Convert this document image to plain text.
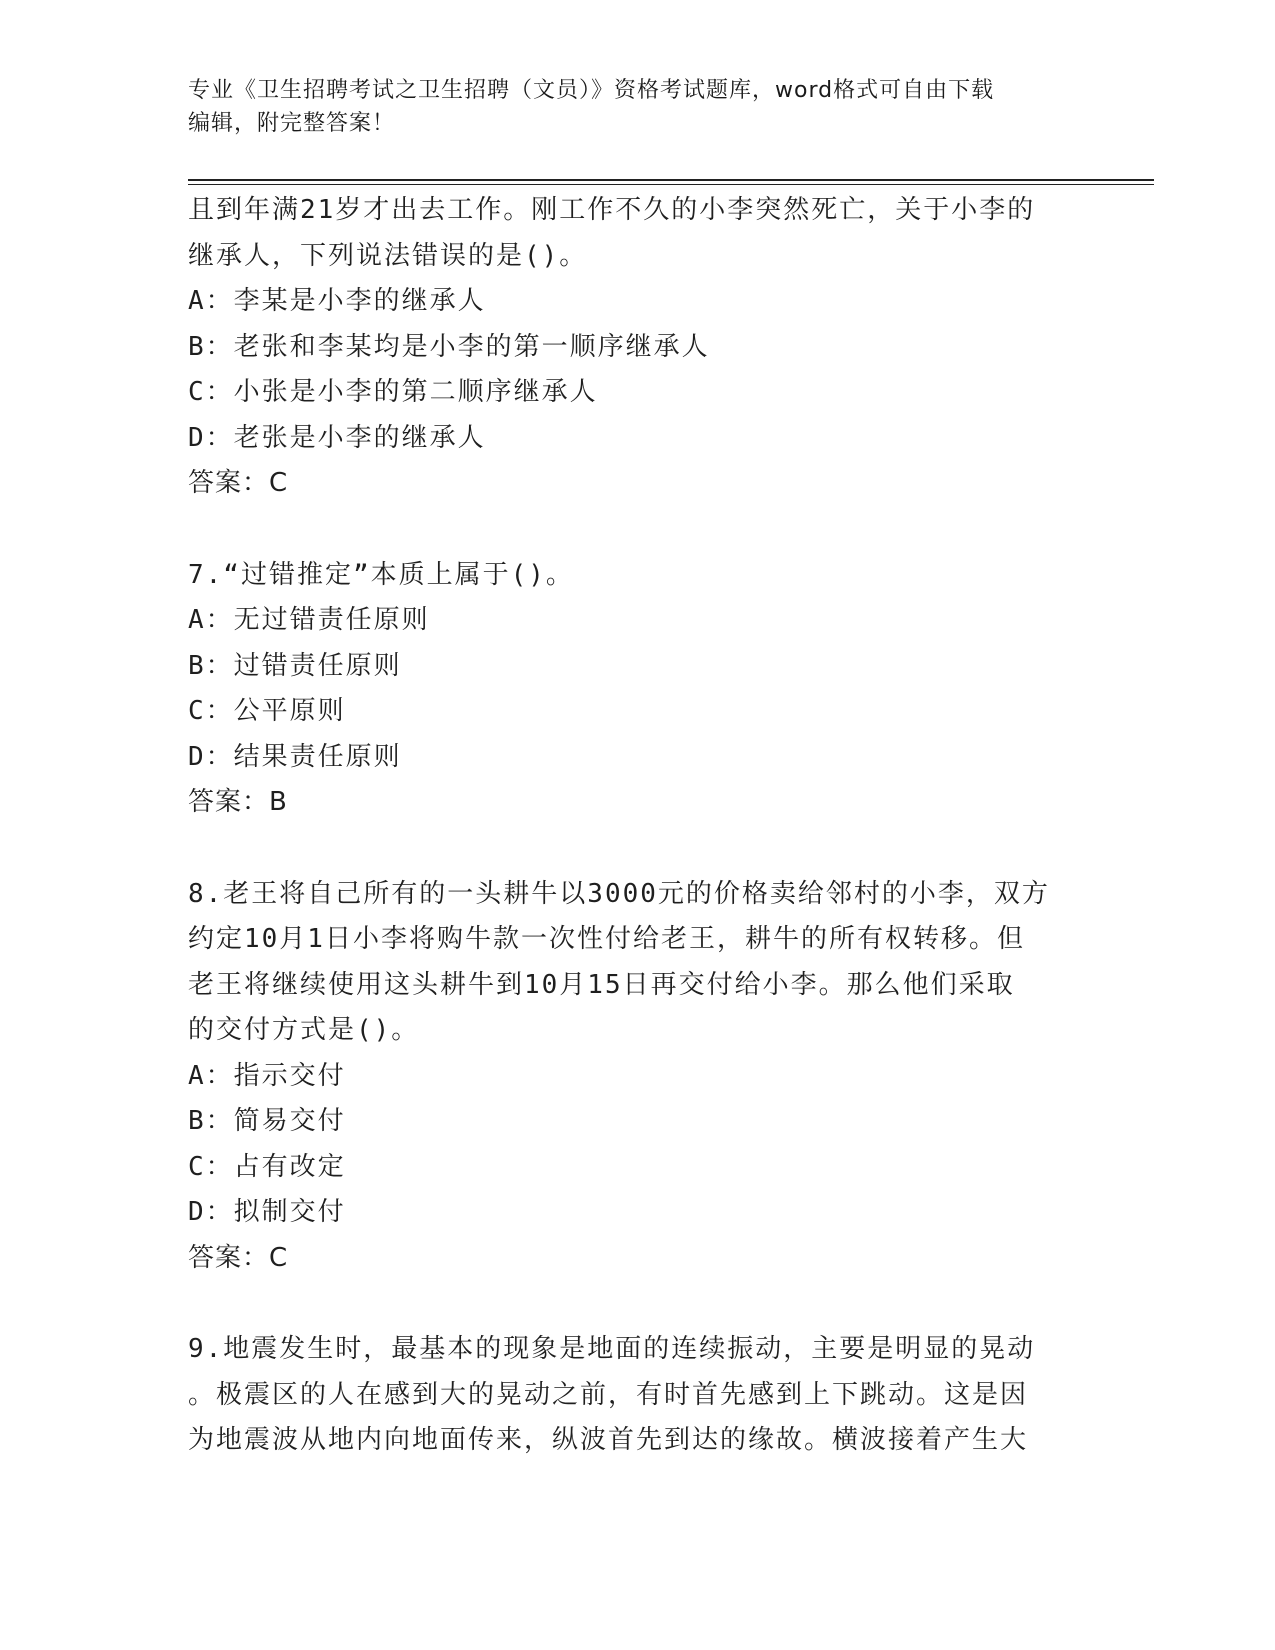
专业《卫生招聘考试之卫生招聘（文员）》资格考试题库，word格式可自由下载
编辑，附完整答案！
且到年满21岁才出去工作。刚工作不久的小李突然死亡，关于小李的
继承人，下列说法错误的是()。
A：李某是小李的继承人
B：老张和李某均是小李的第一顺序继承人
C：小张是小李的第二顺序继承人
D：老张是小李的继承人
答案：C
7.“过错推定”本质上属于()。
A：无过错责任原则
B：过错责任原则
C：公平原则
D：结果责任原则
答案：B
8.老王将自己所有的一头耕牛以3000元的价格卖给邻村的小李，双方
约定10月1日小李将购牛款一次性付给老王，耕牛的所有权转移。但
老王将继续使用这头耕牛到10月15日再交付给小李。那么他们采取
的交付方式是()。
A：指示交付
B：简易交付
C：占有改定
D：拟制交付
答案：C
9.地震发生时，最基本的现象是地面的连续振动，主要是明显的晃动
。极震区的人在感到大的晃动之前，有时首先感到上下跳动。这是因
为地震波从地内向地面传来，纵波首先到达的缘故。横波接着产生大
